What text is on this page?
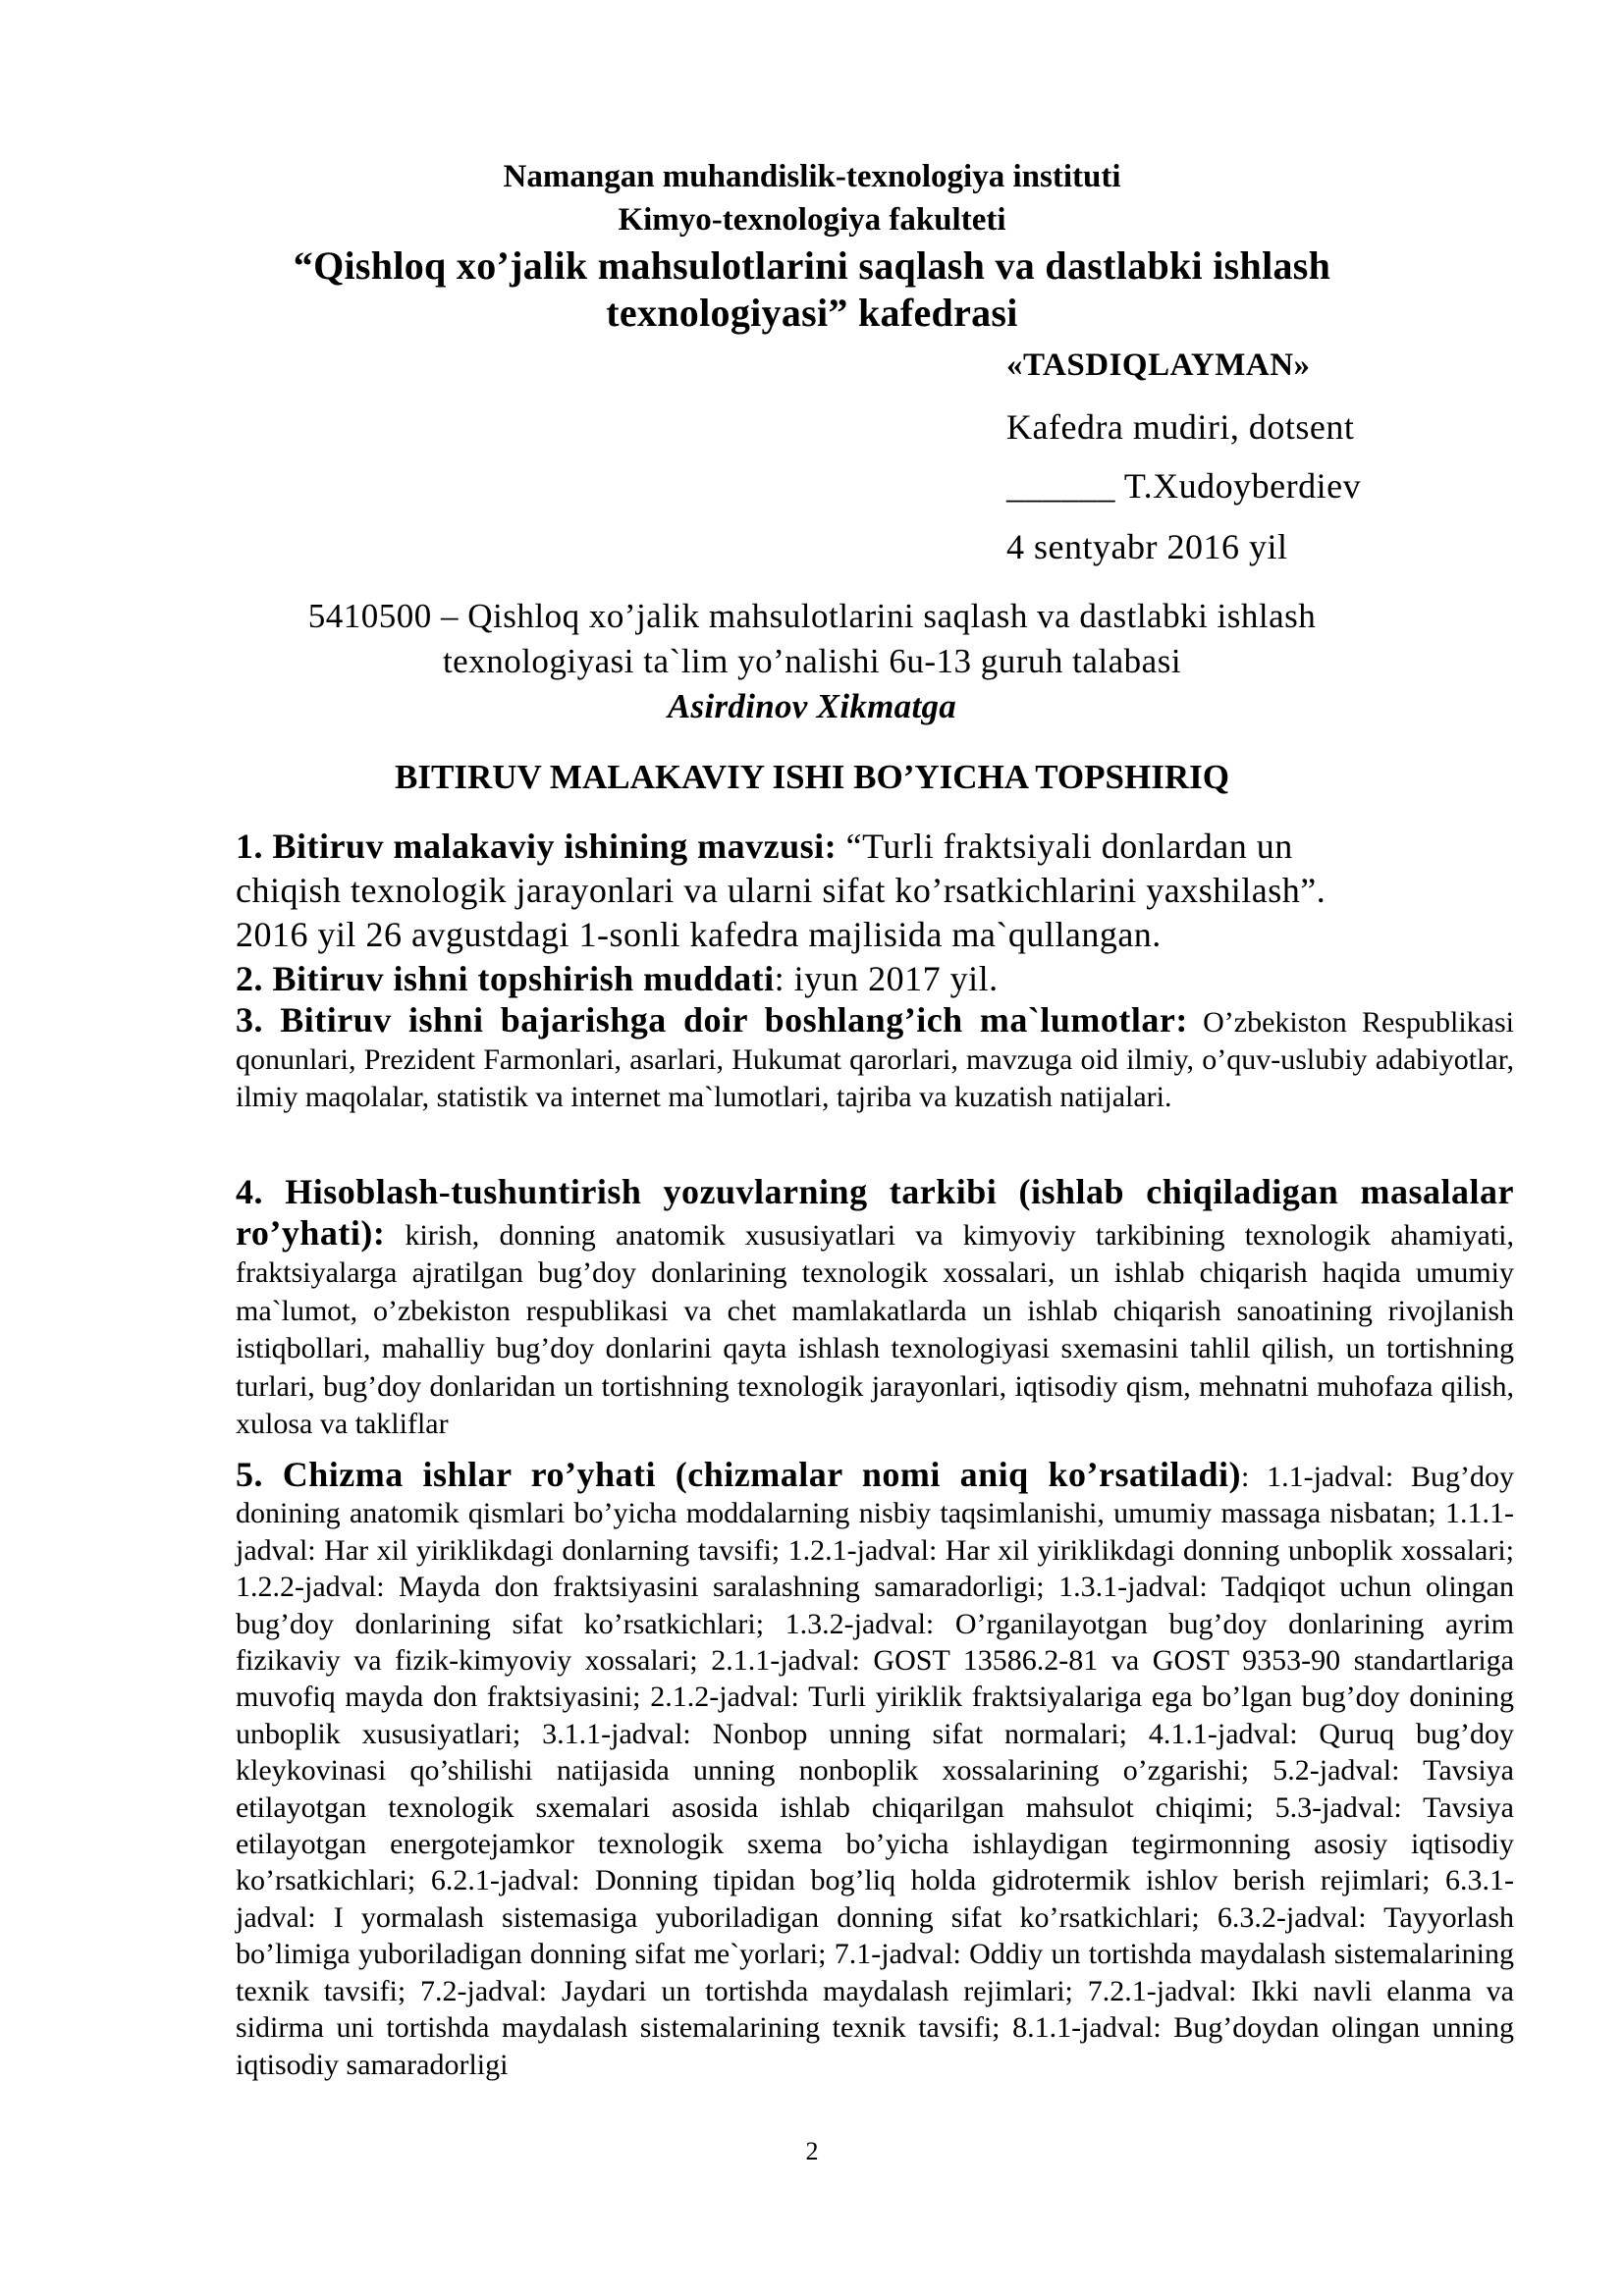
Namangan muhandislik-texnologiya instituti
Kimyo-texnologiya fakulteti
“Qishloq xo’jalik mahsulotlarini saqlash va dastlabki ishlash
texnologiyasi” kafedrasi
«TASDIQLAYMAN»
Kafedra mudiri, dotsent
______ T.Xudoyberdiev
4 sentyabr 2016 yil
5410500 – Qishloq xo’jalik mahsulotlarini saqlash va dastlabki ishlash
texnologiyasi ta`lim yo’nalishi 6u-13 guruh talabasi
Asirdinov Xikmatga
BITIRUV MALAKAVIY ISHI BO’YICHA TOPSHIRIQ
1. Bitiruv malakaviy ishining mavzusi: “Turli fraktsiyali donlardan un
chiqish texnologik jarayonlari va ularni sifat ko’rsatkichlarini yaxshilash”.
2016 yil 26 avgustdagi 1-sonli kafedra majlisida ma`qullangan.
2. Bitiruv ishni topshirish muddati: iyun 2017 yil.
3. Bitiruv ishni bajarishga doir boshlang’ich ma`lumotlar: O’zbekiston Respublikasi qonunlari, Prezident Farmonlari, asarlari, Hukumat qarorlari, mavzuga oid ilmiy, o’quv-uslubiy adabiyotlar, ilmiy maqolalar, statistik va internet ma`lumotlari, tajriba va kuzatish natijalari.
4. Hisoblash-tushuntirish yozuvlarning tarkibi (ishlab chiqiladigan masalalar ro’yhati): kirish, donning anatomik xususiyatlari va kimyoviy tarkibining texnologik ahamiyati, fraktsiyalarga ajratilgan bug’doy donlarining texnologik xossalari, un ishlab chiqarish haqida umumiy ma`lumot, o’zbekiston respublikasi va chet mamlakatlarda un ishlab chiqarish sanoatining rivojlanish istiqbollari, mahalliy bug’doy donlarini qayta ishlash texnologiyasi sxemasini tahlil qilish, un tortishning turlari, bug’doy donlaridan un tortishning texnologik jarayonlari, iqtisodiy qism, mehnatni muhofaza qilish, xulosa va takliflar
5. Chizma ishlar ro’yhati (chizmalar nomi aniq ko’rsatiladi): 1.1-jadval: Bug’doy donining anatomik qismlari bo’yicha moddalarning nisbiy taqsimlanishi, umumiy massaga nisbatan; 1.1.1-jadval: Har xil yiriklikdagi donlarning tavsifi; 1.2.1-jadval: Har xil yiriklikdagi donning unboplik xossalari; 1.2.2-jadval: Mayda don fraktsiyasini saralashning samaradorligi; 1.3.1-jadval: Tadqiqot uchun olingan bug’doy donlarining sifat ko’rsatkichlari; 1.3.2-jadval: O’rganilayotgan bug’doy donlarining ayrim fizikaviy va fizik-kimyoviy xossalari; 2.1.1-jadval: GOST 13586.2-81 va GOST 9353-90 standartlariga muvofiq mayda don fraktsiyasini; 2.1.2-jadval: Turli yiriklik fraktsiyalariga ega bo’lgan bug’doy donining unboplik xususiyatlari; 3.1.1-jadval: Nonbop unning sifat normalari; 4.1.1-jadval: Quruq bug’doy kleykovinasi qo’shilishi natijasida unning nonboplik xossalarining o’zgarishi; 5.2-jadval: Tavsiya etilayotgan texnologik sxemalari asosida ishlab chiqarilgan mahsulot chiqimi; 5.3-jadval: Tavsiya etilayotgan energotejamkor texnologik sxema bo’yicha ishlaydigan tegirmonning asosiy iqtisodiy ko’rsatkichlari; 6.2.1-jadval: Donning tipidan bog’liq holda gidrotermik ishlov berish rejimlari; 6.3.1-jadval: I yormalash sistemasiga yuboriladigan donning sifat ko’rsatkichlari; 6.3.2-jadval: Tayyorlash bo’limiga yuboriladigan donning sifat me`yorlari; 7.1-jadval: Oddiy un tortishda maydalash sistemalarining texnik tavsifi; 7.2-jadval: Jaydari un tortishda maydalash rejimlari; 7.2.1-jadval: Ikki navli elanma va sidirma uni tortishda maydalash sistemalarining texnik tavsifi; 8.1.1-jadval: Bug’doydan olingan unning iqtisodiy samaradorligi
2
